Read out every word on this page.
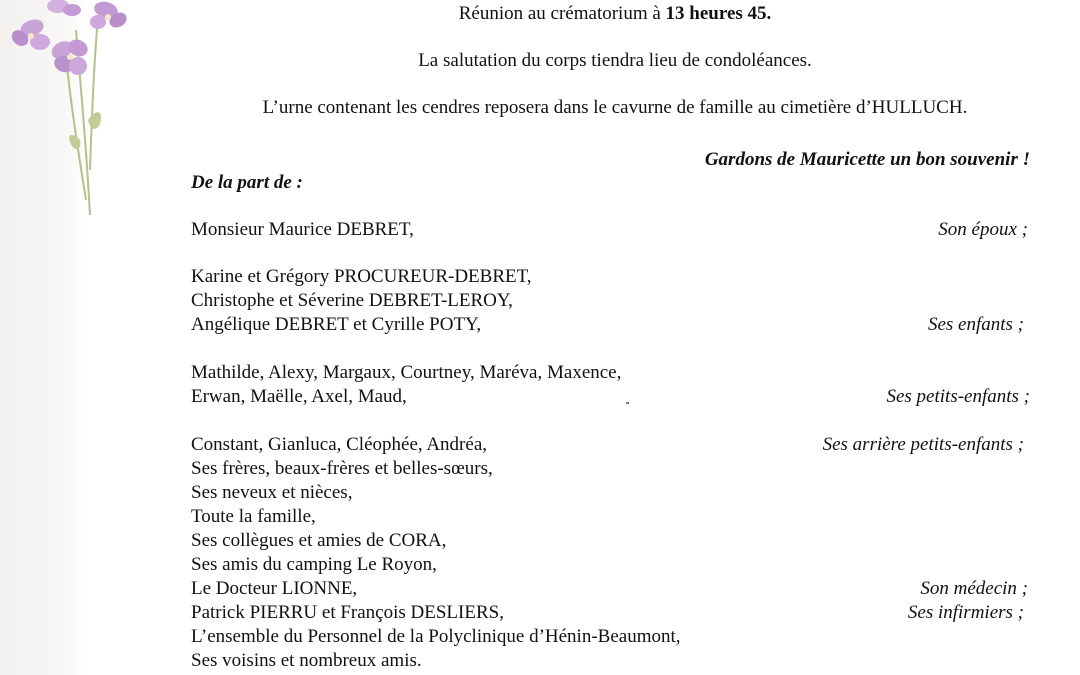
Réunion au crématorium à 13 heures 45.
La salutation du corps tiendra lieu de condoléances.
L’urne contenant les cendres reposera dans le cavurne de famille au cimetière d’HULLUCH.
Gardons de Mauricette un bon souvenir !
De la part de :
Monsieur Maurice DEBRET,	Son époux ;
Karine et Grégory PROCUREUR-DEBRET,
Christophe et Séverine DEBRET-LEROY,
Angélique DEBRET et Cyrille POTY,	Ses enfants ;
Mathilde, Alexy, Margaux, Courtney, Maréva, Maxence,
Erwan, Maëlle, Axel, Maud,	Ses petits-enfants ;
Constant, Gianluca, Cléophée, Andréa,	Ses arrière petits-enfants ;
Ses frères, beaux-frères et belles-sœurs,
Ses neveux et nièces,
Toute la famille,
Ses collègues et amies de CORA,
Ses amis du camping Le Royon,
Le Docteur LIONNE,	Son médecin ;
Patrick PIERRU et François DESLIERS,	Ses infirmiers ;
L’ensemble du Personnel de la Polyclinique d’Hénin-Beaumont,
Ses voisins et nombreux amis.
